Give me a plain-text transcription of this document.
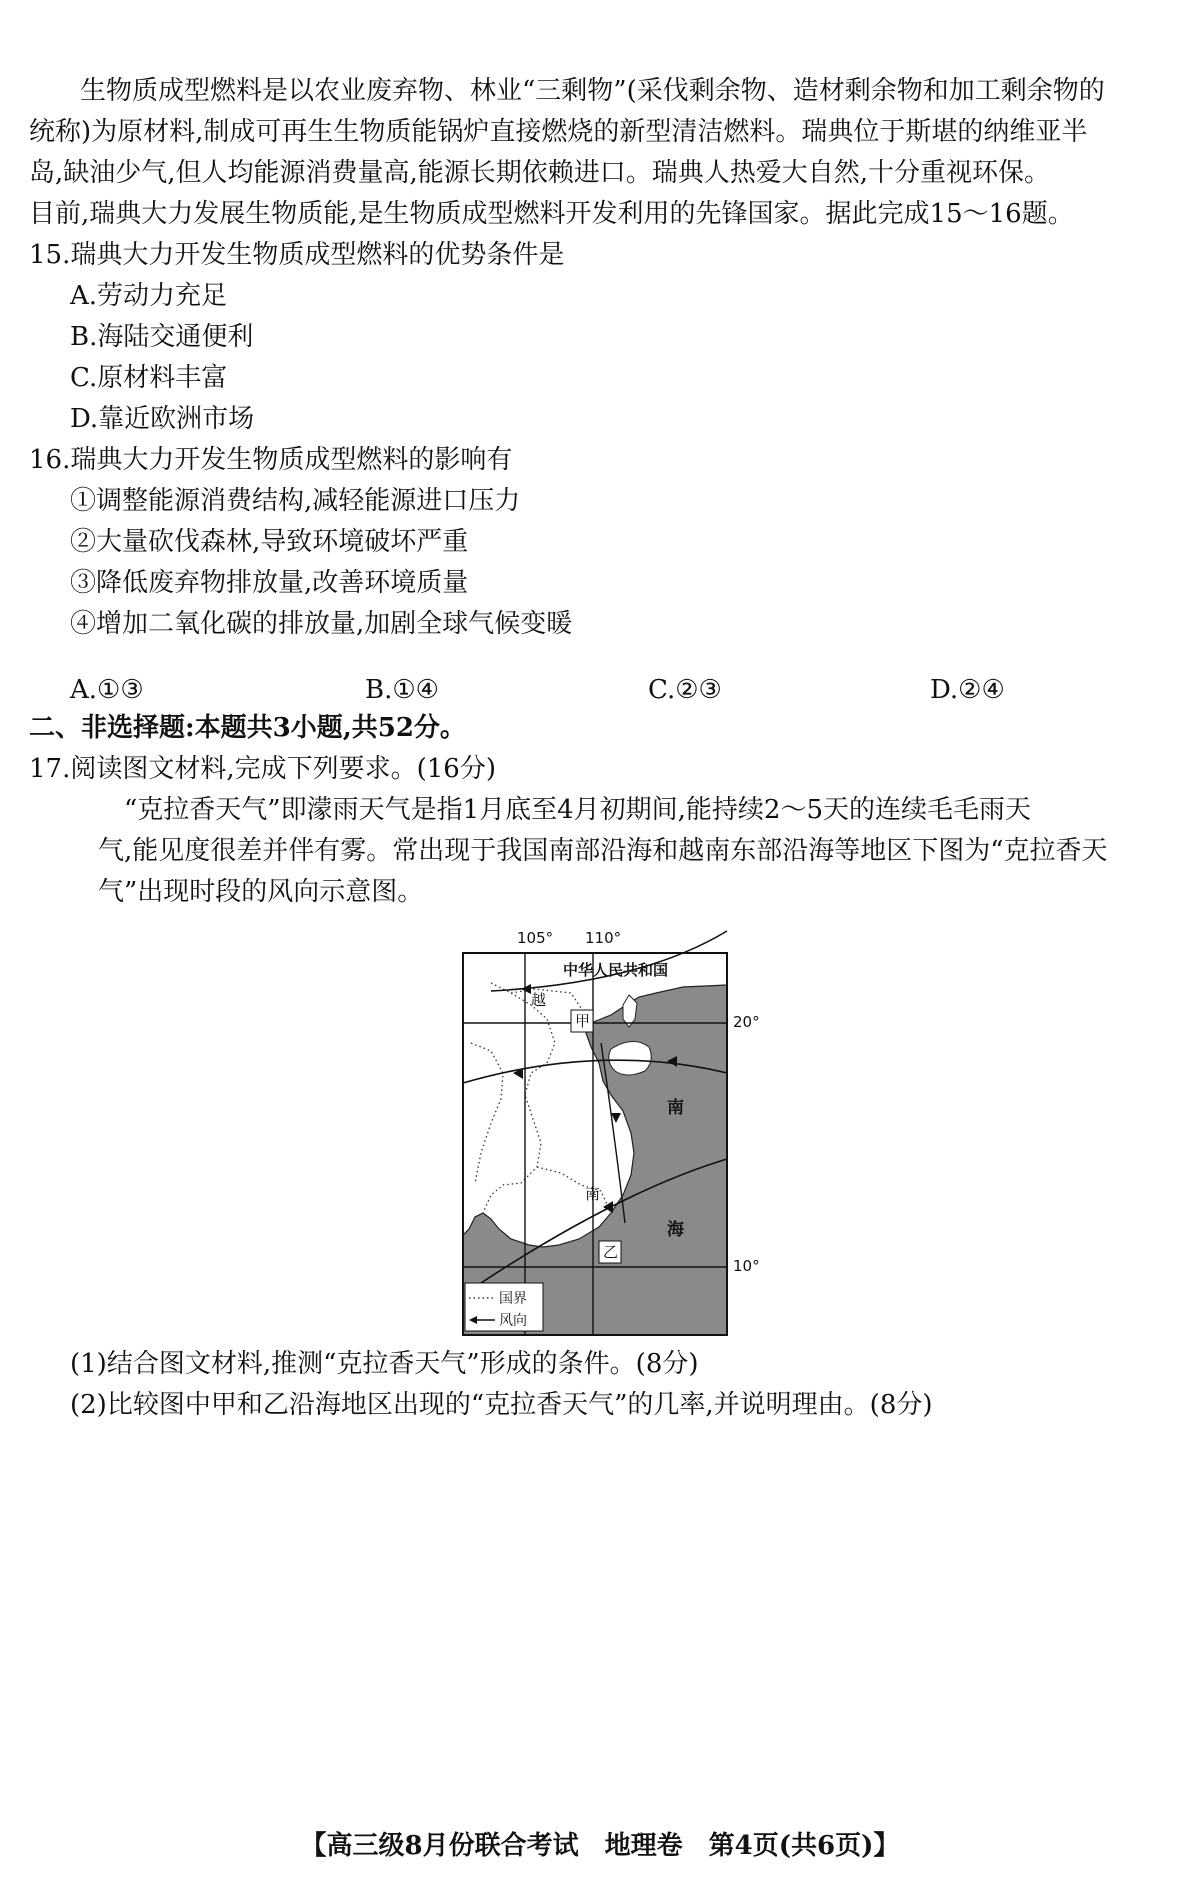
生物质成型燃料是以农业废弃物、林业“三剩物”(采伐剩余物、造材剩余物和加工剩余物的
统称)为原材料,制成可再生生物质能锅炉直接燃烧的新型清洁燃料。瑞典位于斯堪的纳维亚半
岛,缺油少气,但人均能源消费量高,能源长期依赖进口。瑞典人热爱大自然,十分重视环保。
目前,瑞典大力发展生物质能,是生物质成型燃料开发利用的先锋国家。据此完成15～16题。
15.瑞典大力开发生物质成型燃料的优势条件是
A.劳动力充足
B.海陆交通便利
C.原材料丰富
D.靠近欧洲市场
16.瑞典大力开发生物质成型燃料的影响有
①调整能源消费结构,减轻能源进口压力
②大量砍伐森林,导致环境破坏严重
③降低废弃物排放量,改善环境质量
④增加二氧化碳的排放量,加剧全球气候变暖
A.①③	B.①④	C.②③	D.②④
二、非选择题:本题共3小题,共52分。
17.阅读图文材料,完成下列要求。(16分)
“克拉香天气”即濛雨天气是指1月底至4月初期间,能持续2～5天的连续毛毛雨天
气,能见度很差并伴有雾。常出现于我国南部沿海和越南东部沿海等地区下图为“克拉香天
气”出现时段的风向示意图。
105° 110°
20°
10°
中华人民共和国
越
南
南
海
甲
乙
国界
风向
(1)结合图文材料,推测“克拉香天气”形成的条件。(8分)
(2)比较图中甲和乙沿海地区出现的“克拉香天气”的几率,并说明理由。(8分)
【高三级8月份联合考试　地理卷　第4页(共6页)】
